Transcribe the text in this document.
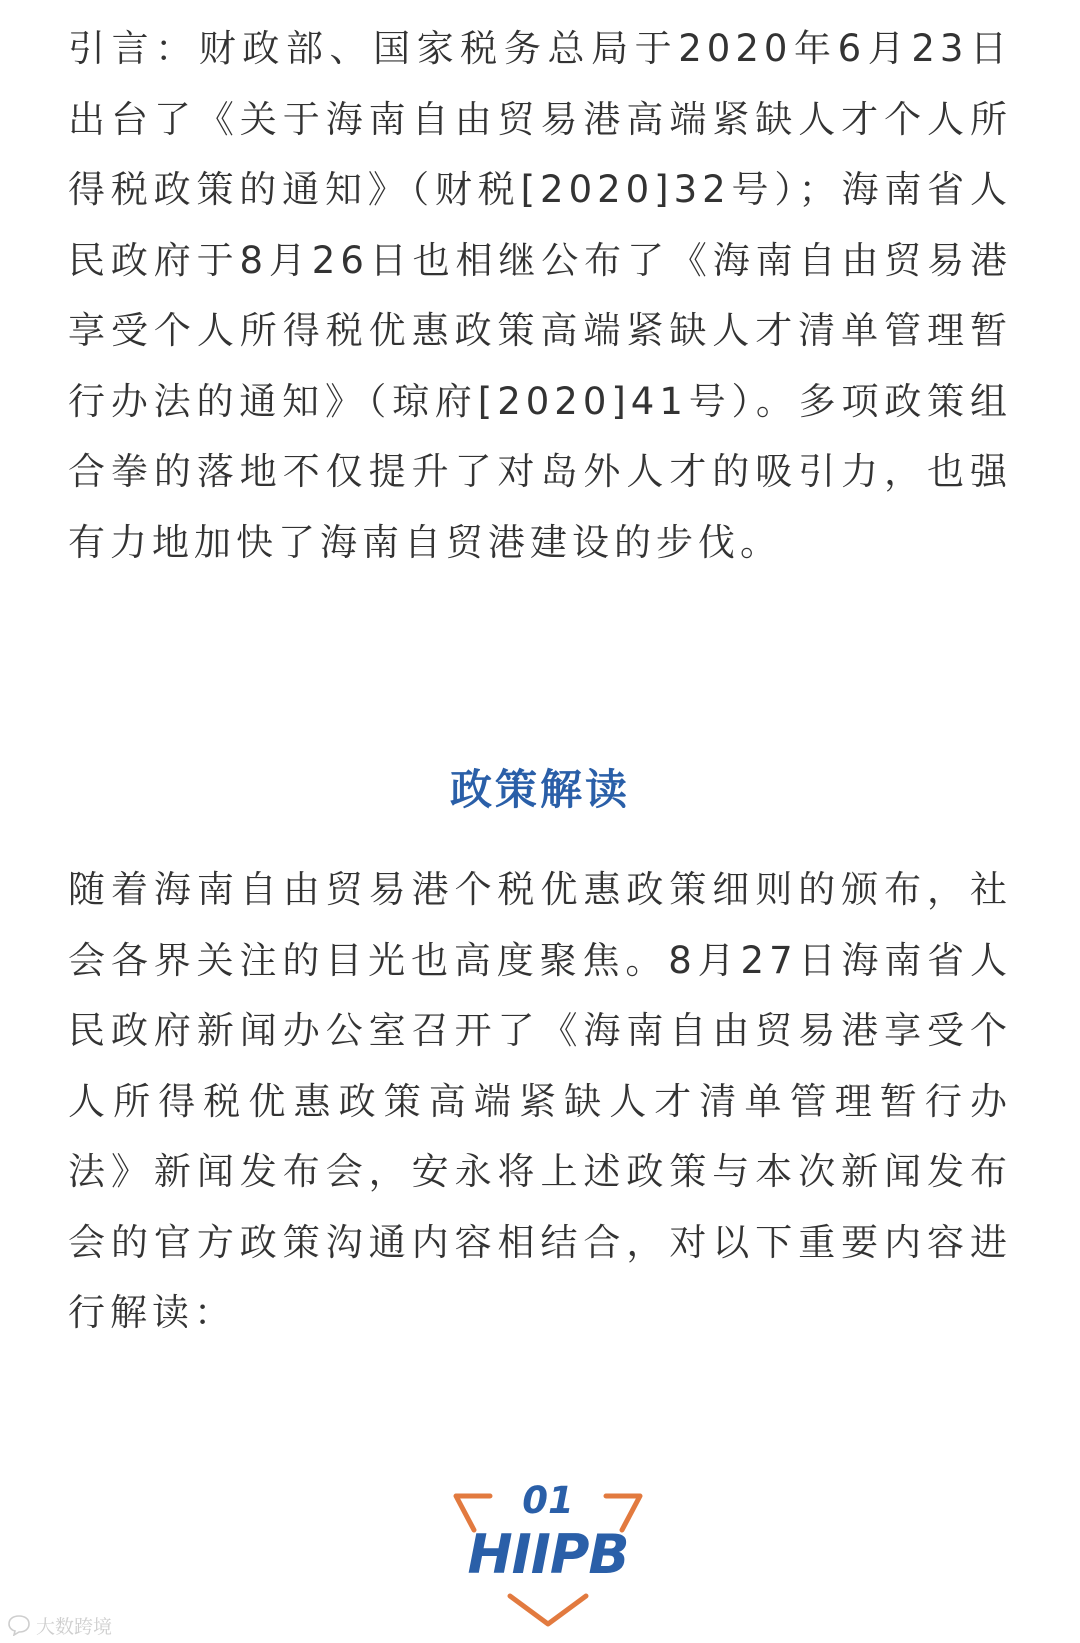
引言：财政部、国家税务总局于2020年6月23日出台了《关于海南自由贸易港高端紧缺人才个人所得税政策的通知》（财税[2020]32号）；海南省人民政府于8月26日也相继公布了《海南自由贸易港享受个人所得税优惠政策高端紧缺人才清单管理暂行办法的通知》（琼府[2020]41号）。多项政策组合拳的落地不仅提升了对岛外人才的吸引力，也强有力地加快了海南自贸港建设的步伐。

政策解读

随着海南自由贸易港个税优惠政策细则的颁布，社会各界关注的目光也高度聚焦。8月27日海南省人民政府新闻办公室召开了《海南自由贸易港享受个人所得税优惠政策高端紧缺人才清单管理暂行办法》新闻发布会，安永将上述政策与本次新闻发布会的官方政策沟通内容相结合，对以下重要内容进行解读：

01
HIIPB
大数跨境
